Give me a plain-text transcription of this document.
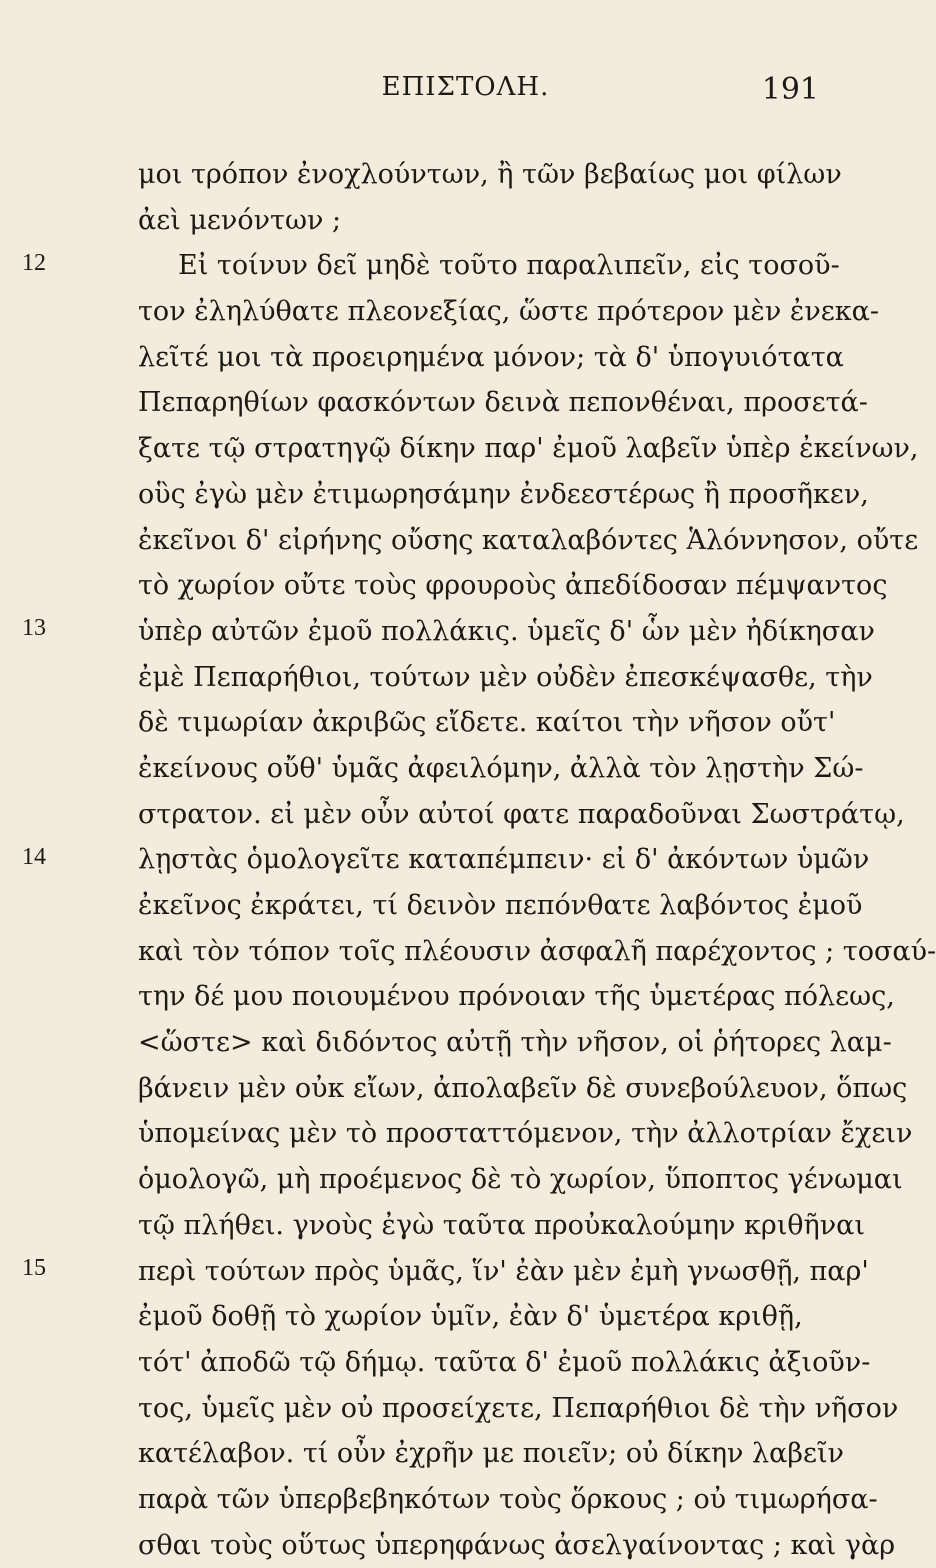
ΕΠΙΣΤΟΛΗ.	191
12
13
14
15
μοι τρόπον ἐνοχλούντων, ἢ τῶν βεβαίως μοι φίλων
ἀεὶ μενόντων ;
Εἰ τοίνυν δεῖ μηδὲ τοῦτο παραλιπεῖν, εἰς τοσοῦ-
τον ἐληλύθατε πλεονεξίας, ὥστε πρότερον μὲν ἐνεκα-
λεῖτέ μοι τὰ προειρημένα μόνον; τὰ δ' ὑπογυιότατα
Πεπαρηθίων φασκόντων δεινὰ πεπονθέναι, προσετά-
ξατε τῷ στρατηγῷ δίκην παρ' ἐμοῦ λαβεῖν ὑπὲρ ἐκείνων,
οὓς ἐγὼ μὲν ἐτιμωρησάμην ἐνδεεστέρως ἢ προσῆκεν,
ἐκεῖνοι δ' εἰρήνης οὔσης καταλαβόντες Ἁλόννησον, οὔτε
τὸ χωρίον οὔτε τοὺς φρουροὺς ἀπεδίδοσαν πέμψαντος
ὑπὲρ αὐτῶν ἐμοῦ πολλάκις. ὑμεῖς δ' ὧν μὲν ἠδίκησαν
ἐμὲ Πεπαρήθιοι, τούτων μὲν οὐδὲν ἐπεσκέψασθε, τὴν
δὲ τιμωρίαν ἀκριβῶς εἴδετε. καίτοι τὴν νῆσον οὔτ'
ἐκείνους οὔθ' ὑμᾶς ἀφειλόμην, ἀλλὰ τὸν λῃστὴν Σώ-
στρατον. εἰ μὲν οὖν αὐτοί φατε παραδοῦναι Σωστράτῳ,
λῃστὰς ὁμολογεῖτε καταπέμπειν· εἰ δ' ἀκόντων ὑμῶν
ἐκεῖνος ἐκράτει, τί δεινὸν πεπόνθατε λαβόντος ἐμοῦ
καὶ τὸν τόπον τοῖς πλέουσιν ἀσφαλῆ παρέχοντος ; τοσαύ-
την δέ μου ποιουμένου πρόνοιαν τῆς ὑμετέρας πόλεως,
<ὥστε> καὶ διδόντος αὐτῇ τὴν νῆσον, οἱ ῥήτορες λαμ-
βάνειν μὲν οὐκ εἴων, ἀπολαβεῖν δὲ συνεβούλευον, ὅπως
ὑπομείνας μὲν τὸ προσταττόμενον, τὴν ἀλλοτρίαν ἔχειν
ὁμολογῶ, μὴ προέμενος δὲ τὸ χωρίον, ὕποπτος γένωμαι
τῷ πλήθει. γνοὺς ἐγὼ ταῦτα προὐκαλούμην κριθῆναι
περὶ τούτων πρὸς ὑμᾶς, ἵν' ἐὰν μὲν ἐμὴ γνωσθῇ, παρ'
ἐμοῦ δοθῇ τὸ χωρίον ὑμῖν, ἐὰν δ' ὑμετέρα κριθῇ,
τότ' ἀποδῶ τῷ δήμῳ. ταῦτα δ' ἐμοῦ πολλάκις ἀξιοῦν-
τος, ὑμεῖς μὲν οὐ προσείχετε, Πεπαρήθιοι δὲ τὴν νῆσον
κατέλαβον. τί οὖν ἐχρῆν με ποιεῖν; οὐ δίκην λαβεῖν
παρὰ τῶν ὑπερβεβηκότων τοὺς ὅρκους ; οὐ τιμωρήσα-
σθαι τοὺς οὕτως ὑπερηφάνως ἀσελγαίνοντας ; καὶ γὰρ
